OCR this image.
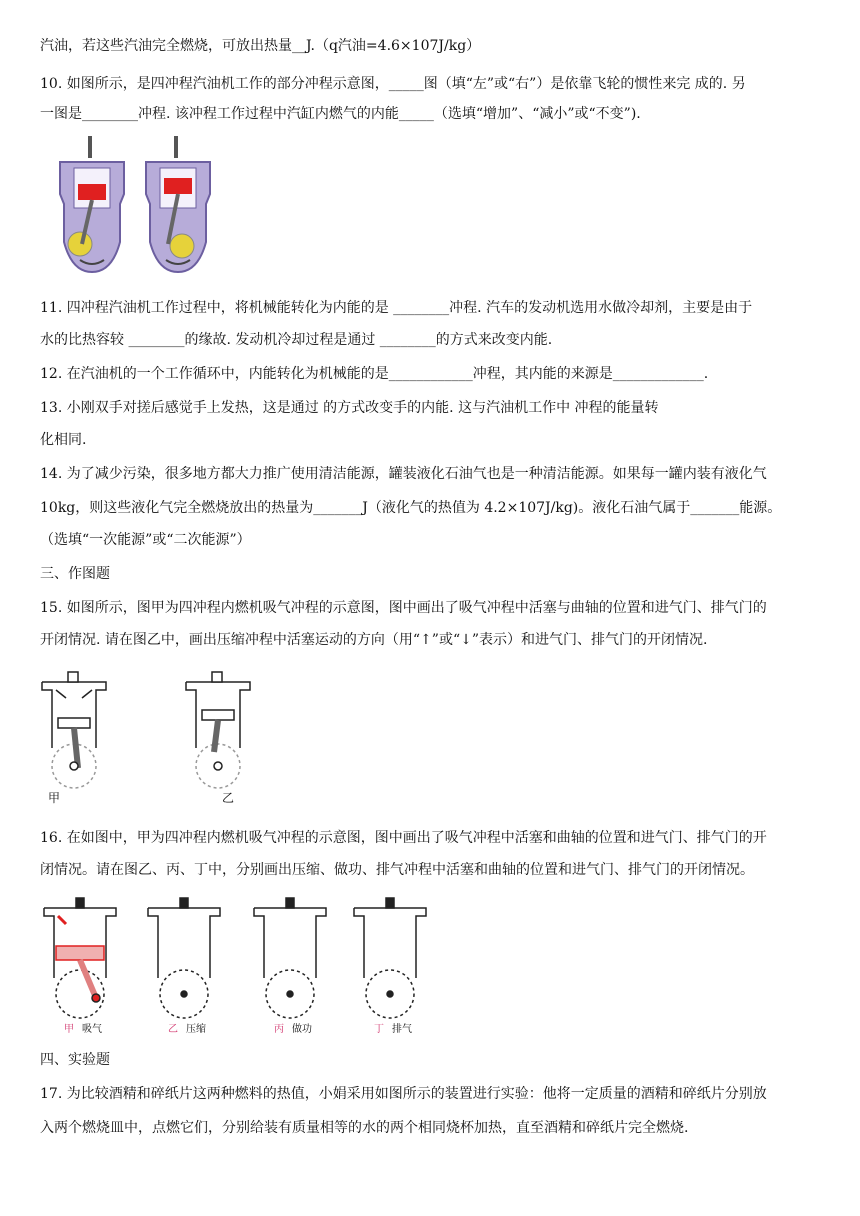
汽油，若这些汽油完全燃烧，可放出热量__J.（q汽油=4.6×107J/kg）
10. 如图所示，是四冲程汽油机工作的部分冲程示意图，_____图（填“左”或“右”）是依靠飞轮的惯性来完 成的. 另
一图是________冲程. 该冲程工作过程中汽缸内燃气的内能_____（选填“增加”、“减小”或“不变”).
11. 四冲程汽油机工作过程中，将机械能转化为内能的是 ________冲程. 汽车的发动机选用水做冷却剂，主要是由于
水的比热容较 ________的缘故. 发动机冷却过程是通过 ________的方式来改变内能.
12. 在汽油机的一个工作循环中，内能转化为机械能的是____________冲程，其内能的来源是_____________.
13. 小刚双手对搓后感觉手上发热，这是通过 的方式改变手的内能. 这与汽油机工作中 冲程的能量转
化相同.
14. 为了减少污染，很多地方都大力推广使用清洁能源，罐装液化石油气也是一种清洁能源。如果每一罐内装有液化气
10kg，则这些液化气完全燃烧放出的热量为_______J（液化气的热值为 4.2×107J/kg)。液化石油气属于_______能源。
（选填“一次能源”或“二次能源”）
三、作图题
15. 如图所示，图甲为四冲程内燃机吸气冲程的示意图，图中画出了吸气冲程中活塞与曲轴的位置和进气门、排气门的
开闭情况. 请在图乙中，画出压缩冲程中活塞运动的方向（用“↑”或“↓”表示）和进气门、排气门的开闭情况.
甲	乙
16. 在如图中，甲为四冲程内燃机吸气冲程的示意图，图中画出了吸气冲程中活塞和曲轴的位置和进气门、排气门的开
闭情况。请在图乙、丙、丁中，分别画出压缩、做功、排气冲程中活塞和曲轴的位置和进气门、排气门的开闭情况。
甲 吸气	乙 压缩	丙 做功	丁 排气
四、实验题
17. 为比较酒精和碎纸片这两种燃料的热值，小娟采用如图所示的装置进行实验：他将一定质量的酒精和碎纸片分别放
入两个燃烧皿中，点燃它们，分别给装有质量相等的水的两个相同烧杯加热，直至酒精和碎纸片完全燃烧.
